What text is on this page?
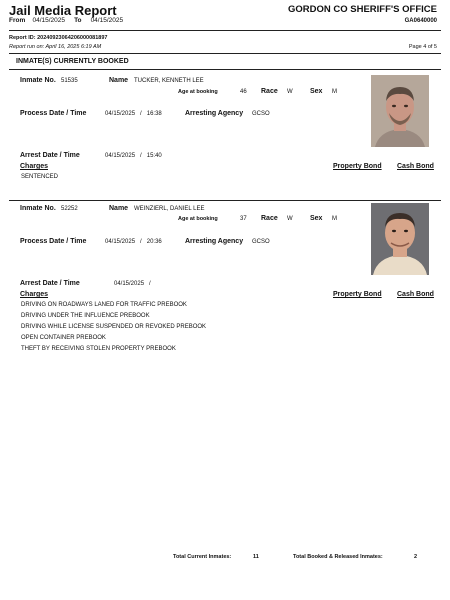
Jail Media Report	GORDON CO SHERIFF'S OFFICE
From 04/15/2025 To 04/15/2025	GA0640000
Report ID: 20240923064206000081897
Report run on: April 16, 2025 6:19 AM	Page 4 of 5
INMATE(S) CURRENTLY BOOKED
Inmate No. 51535	Name TUCKER, KENNETH LEE
Age at booking	46 Race W Sex M
Process Date / Time	04/15/2025 / 16:38	Arresting Agency GCSO
Arrest Date / Time	04/15/2025 / 15:40
Charges	Property Bond Cash Bond
SENTENCED
Inmate No. 52252	Name WEINZIERL, DANIEL LEE
Age at booking	37 Race W Sex M
Process Date / Time	04/15/2025 / 20:36	Arresting Agency GCSO
Arrest Date / Time	04/15/2025 /
Charges	Property Bond Cash Bond
DRIVING ON ROADWAYS LANED FOR TRAFFIC PREBOOK
DRIVING UNDER THE INFLUENCE PREBOOK
DRIVING WHILE LICENSE SUSPENDED OR REVOKED PREBOOK
OPEN CONTAINER PREBOOK
THEFT BY RECEIVING STOLEN PROPERTY PREBOOK
Total Current Inmates:	11	Total Booked & Released Inmates:	2
